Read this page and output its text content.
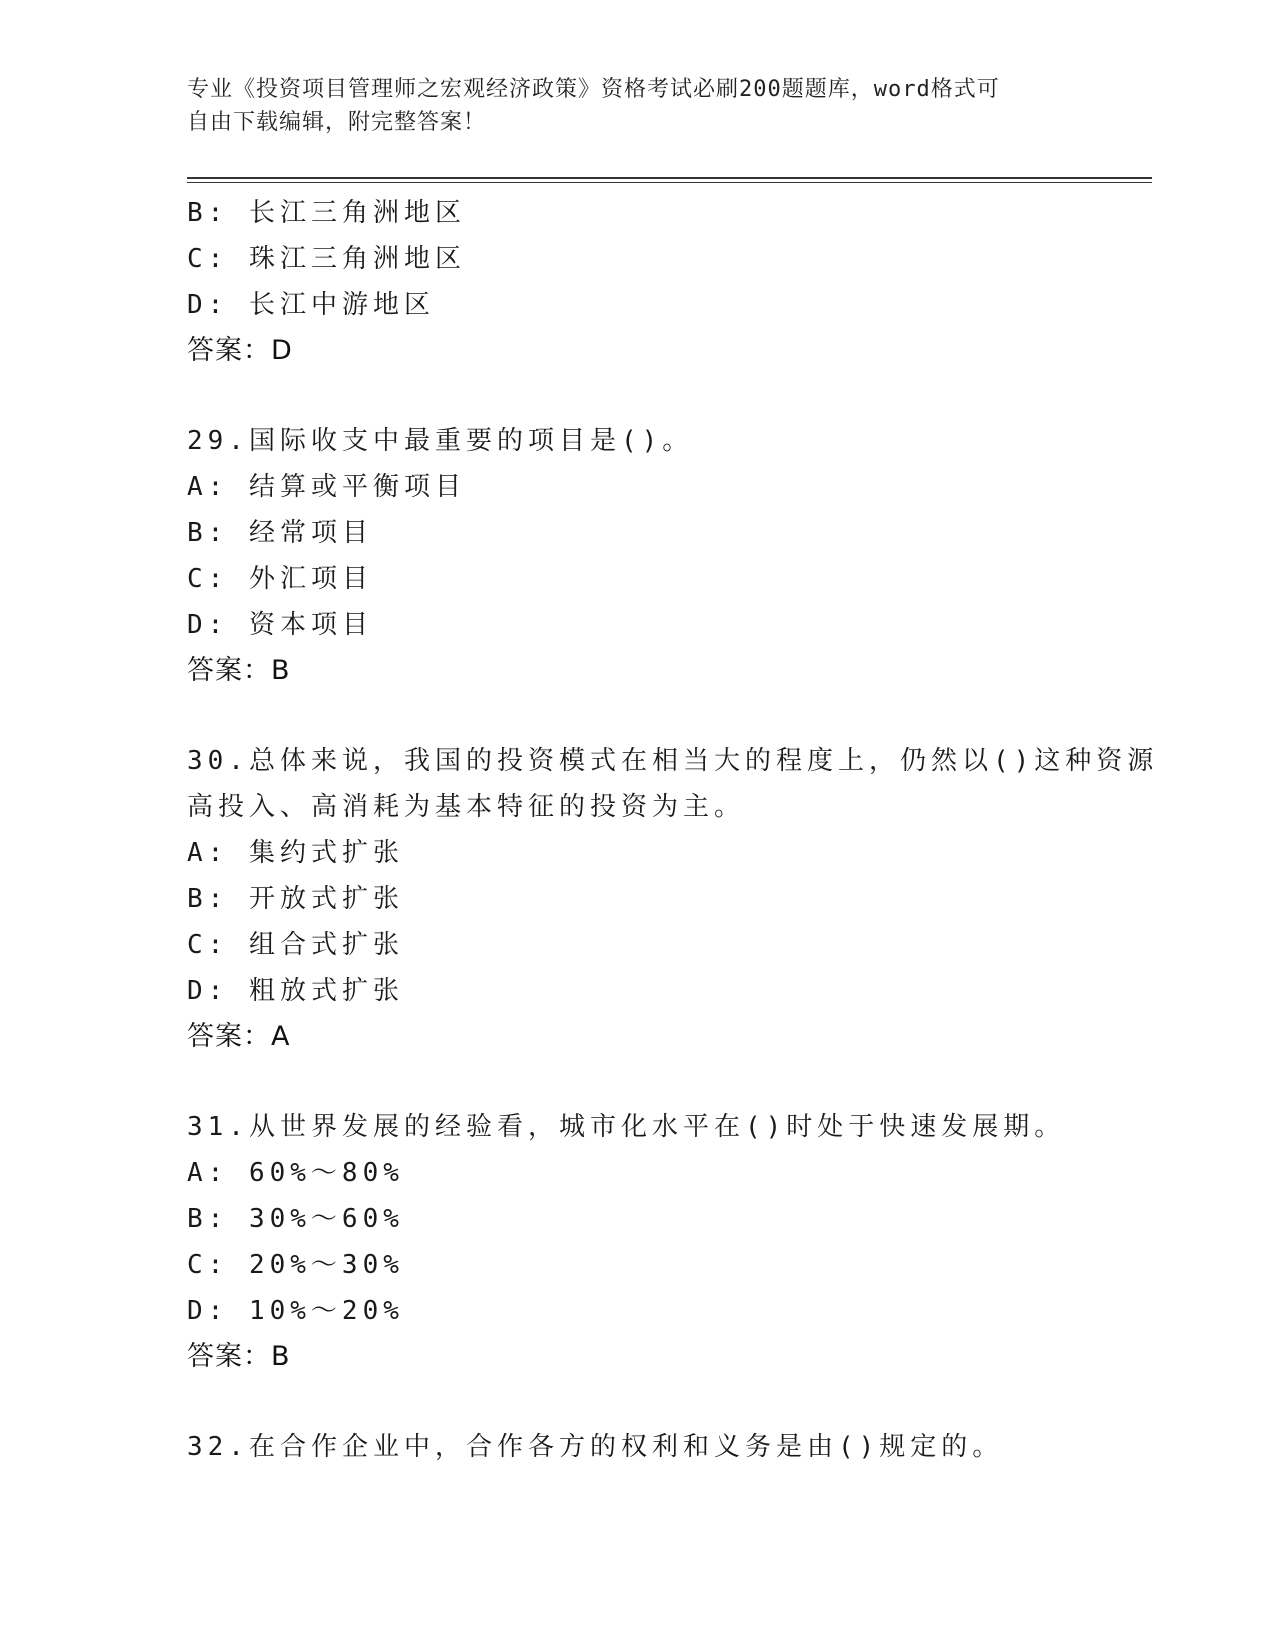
专业《投资项目管理师之宏观经济政策》资格考试必刷200题题库，word格式可
自由下载编辑，附完整答案！
B: 长江三角洲地区
C: 珠江三角洲地区
D: 长江中游地区
答案：D
29.国际收支中最重要的项目是()。
A: 结算或平衡项目
B: 经常项目
C: 外汇项目
D: 资本项目
答案：B
30.总体来说，我国的投资模式在相当大的程度上，仍然以()这种资源
高投入、高消耗为基本特征的投资为主。
A: 集约式扩张
B: 开放式扩张
C: 组合式扩张
D: 粗放式扩张
答案：A
31.从世界发展的经验看，城市化水平在()时处于快速发展期。
A: 60%～80%
B: 30%～60%
C: 20%～30%
D: 10%～20%
答案：B
32.在合作企业中，合作各方的权利和义务是由()规定的。
